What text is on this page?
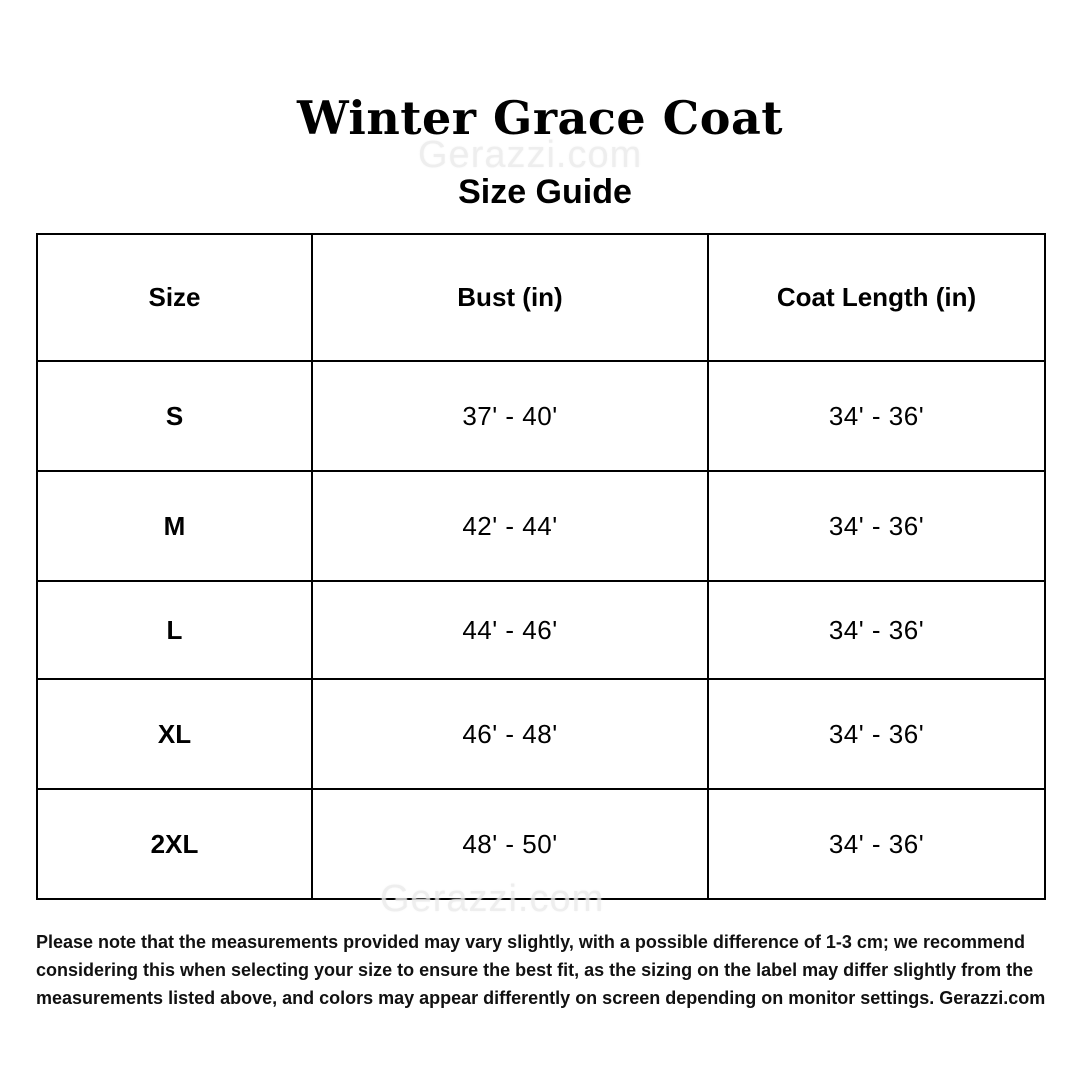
Winter Grace Coat
Gerazzi.com
Size Guide
Size	Bust (in)	Coat Length (in)
S	37' - 40'	34' - 36'
M	42' - 44'	34' - 36'
L	44' - 46'	34' - 36'
XL	46' - 48'	34' - 36'
2XL	48' - 50'	34' - 36'
Gerazzi.com
Please note that the measurements provided may vary slightly, with a possible difference of 1-3 cm; we recommend considering this when selecting your size to ensure the best fit, as the sizing on the label may differ slightly from the measurements listed above, and colors may appear differently on screen depending on monitor settings. Gerazzi.com
